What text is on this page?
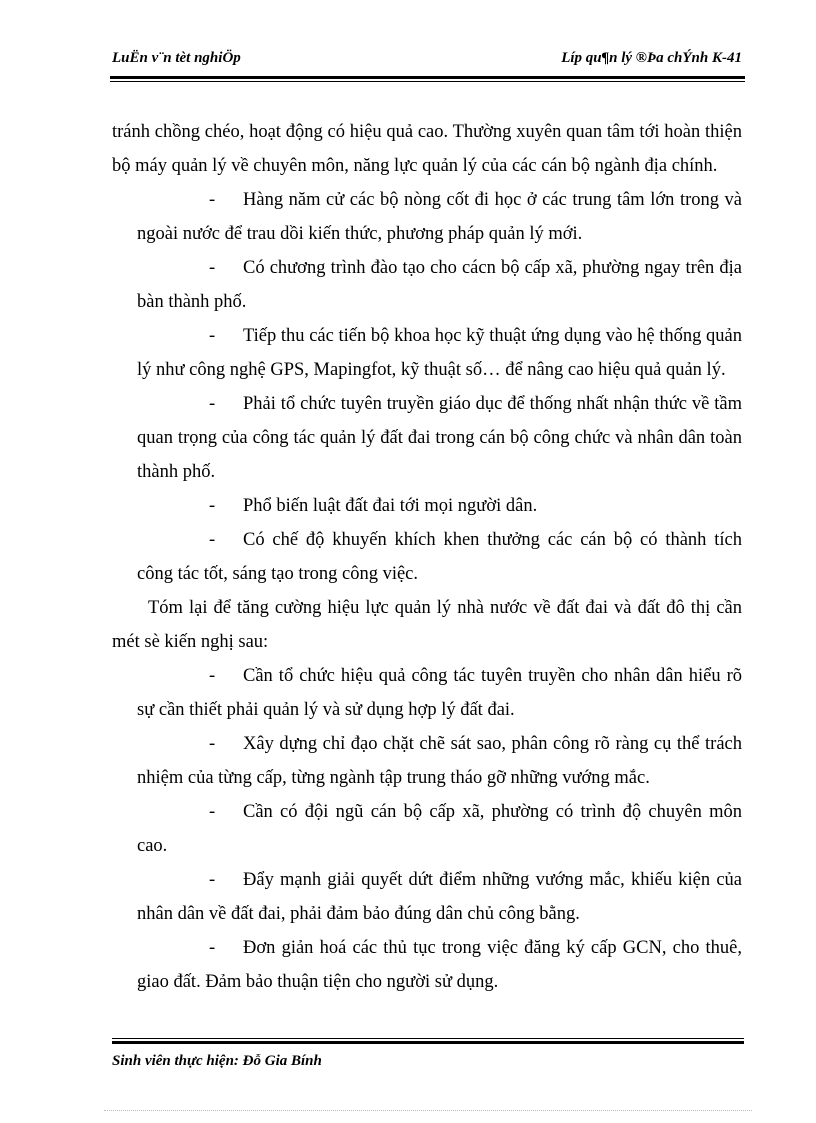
LuËn v¨n tèt nghiÖp	Líp qu¶n lý ®Þa chÝnh K-41

tránh chồng chéo, hoạt động có hiệu quả cao. Thường xuyên quan tâm tới hoàn thiện bộ máy quản lý về chuyên môn, năng lực quản lý của các cán bộ ngành địa chính.

- Hàng năm cử các bộ nòng cốt đi học ở các trung tâm lớn trong và ngoài nước để trau dồi kiến thức, phương pháp quản lý mới.

- Có chương trình đào tạo cho cácn bộ cấp xã, phường ngay trên địa bàn thành phố.

- Tiếp thu các tiến bộ khoa học kỹ thuật ứng dụng vào hệ thống quản lý như công nghệ GPS, Mapingfot, kỹ thuật số… để nâng cao hiệu quả quản lý.

- Phải tổ chức tuyên truyền giáo dục để thống nhất nhận thức về tầm quan trọng của công tác quản lý đất đai trong cán bộ công chức và nhân dân toàn thành phố.

- Phổ biến luật đất đai tới mọi người dân.

- Có chế độ khuyến khích khen thưởng các cán bộ có thành tích công tác tốt, sáng tạo trong công việc.

Tóm lại để tăng cường hiệu lực quản lý nhà nước về đất đai và đất đô thị cần mét sè kiến nghị sau:

- Cần tổ chức hiệu quả công tác tuyên truyền cho nhân dân hiểu rõ sự cần thiết phải quản lý và sử dụng hợp lý đất đai.

- Xây dựng chỉ đạo chặt chẽ sát sao, phân công rõ ràng cụ thể trách nhiệm của từng cấp, từng ngành tập trung tháo gỡ những vướng mắc.

- Cần có đội ngũ cán bộ cấp xã, phường có trình độ chuyên môn cao.

- Đẩy mạnh giải quyết dứt điểm những vướng mắc, khiếu kiện của nhân dân về đất đai, phải đảm bảo đúng dân chủ công bằng.

- Đơn giản hoá các thủ tục trong việc đăng ký cấp GCN, cho thuê, giao đất. Đảm bảo thuận tiện cho người sử dụng.

Sinh viên thực hiện: Đỗ Gia Bính
